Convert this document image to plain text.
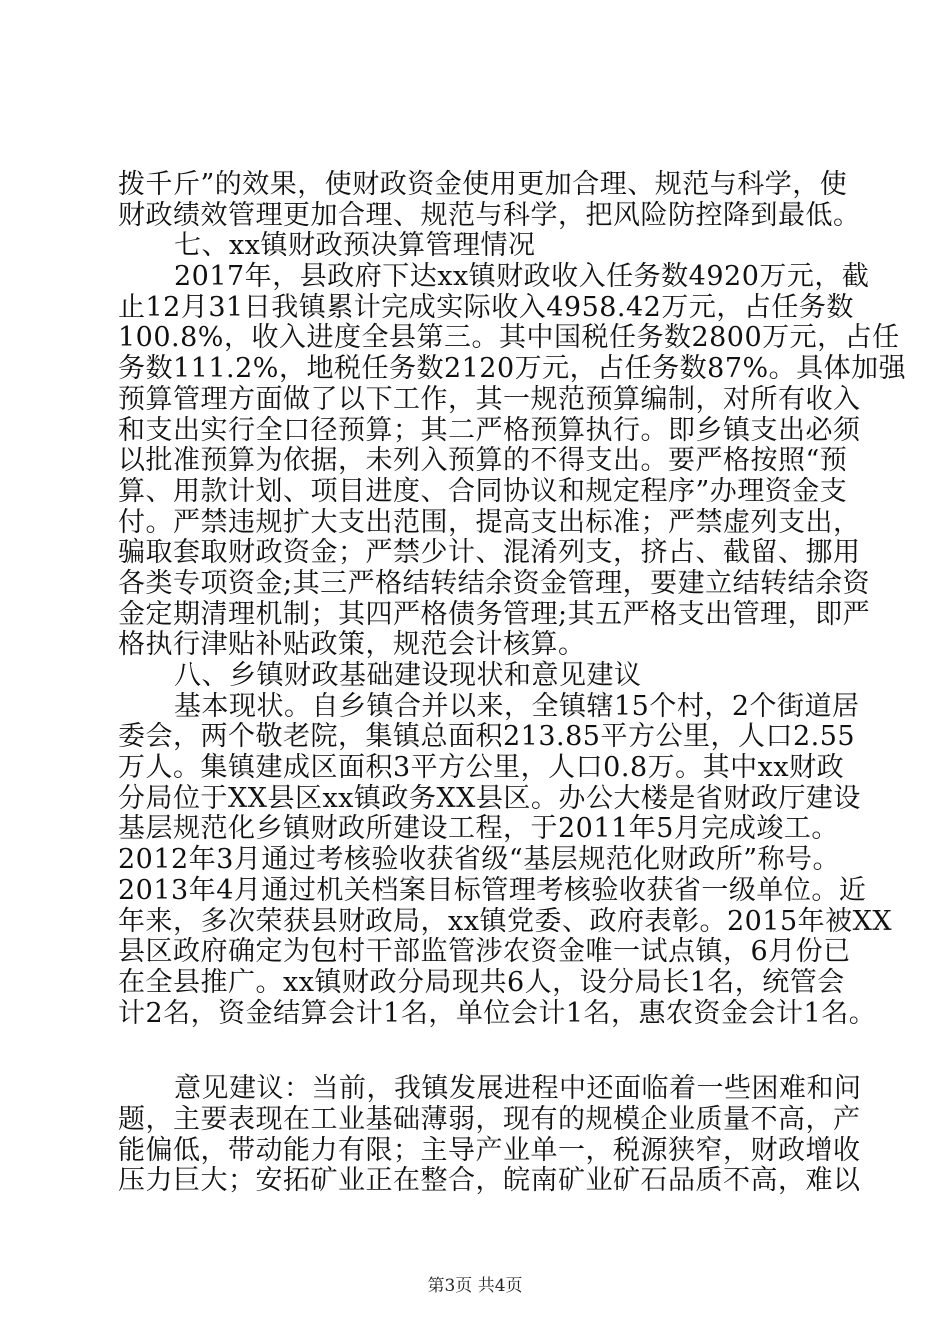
拨千斤”的效果，使财政资金使用更加合理、规范与科学，使
财政绩效管理更加合理、规范与科学，把风险防控降到最低。
七、xx镇财政预决算管理情况
2017年，县政府下达xx镇财政收入任务数4920万元，截
止12月31日我镇累计完成实际收入4958.42万元，占任务数
100.8%，收入进度全县第三。其中国税任务数2800万元，占任
务数111.2%，地税任务数2120万元，占任务数87%。具体加强
预算管理方面做了以下工作，其一规范预算编制，对所有收入
和支出实行全口径预算；其二严格预算执行。即乡镇支出必须
以批准预算为依据，未列入预算的不得支出。要严格按照“预
算、用款计划、项目进度、合同协议和规定程序”办理资金支
付。严禁违规扩大支出范围，提高支出标准；严禁虚列支出，
骗取套取财政资金；严禁少计、混淆列支，挤占、截留、挪用
各类专项资金;其三严格结转结余资金管理，要建立结转结余资
金定期清理机制；其四严格债务管理;其五严格支出管理，即严
格执行津贴补贴政策，规范会计核算。
八、乡镇财政基础建设现状和意见建议
基本现状。自乡镇合并以来，全镇辖15个村，2个街道居
委会，两个敬老院，集镇总面积213.85平方公里，人口2.55
万人。集镇建成区面积3平方公里，人口0.8万。其中xx财政
分局位于XX县区xx镇政务XX县区。办公大楼是省财政厅建设
基层规范化乡镇财政所建设工程，于2011年5月完成竣工。
2012年3月通过考核验收获省级“基层规范化财政所”称号。
2013年4月通过机关档案目标管理考核验收获省一级单位。近
年来，多次荣获县财政局，xx镇党委、政府表彰。2015年被XX
县区政府确定为包村干部监管涉农资金唯一试点镇，6月份已
在全县推广。xx镇财政分局现共6人，设分局长1名，统管会
计2名，资金结算会计1名，单位会计1名，惠农资金会计1名。
意见建议：当前，我镇发展进程中还面临着一些困难和问
题，主要表现在工业基础薄弱，现有的规模企业质量不高，产
能偏低，带动能力有限；主导产业单一，税源狭窄，财政增收
压力巨大；安拓矿业正在整合，皖南矿业矿石品质不高，难以
第3页 共4页
